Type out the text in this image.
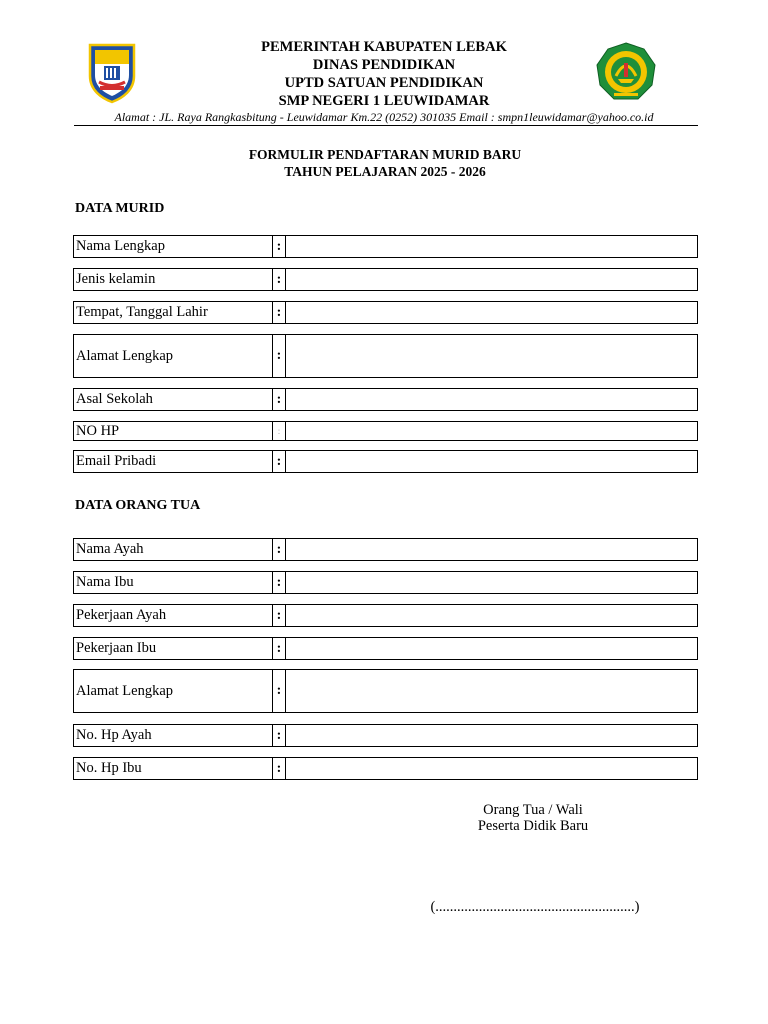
PEMERINTAH KABUPATEN LEBAK
DINAS PENDIDIKAN
UPTD SATUAN PENDIDIKAN
SMP NEGERI 1 LEUWIDAMAR
Alamat : JL. Raya Rangkasbitung - Leuwidamar Km.22 (0252) 301035 Email : smpn1leuwidamar@yahoo.co.id
FORMULIR PENDAFTARAN MURID BARU
TAHUN PELAJARAN 2025 - 2026
DATA MURID
Nama Lengkap	:
Jenis kelamin	:
Tempat, Tanggal Lahir	:
Alamat Lengkap	:
Asal Sekolah	:
NO HP	:
Email Pribadi	:
DATA ORANG TUA
Nama Ayah	:
Nama Ibu	:
Pekerjaan Ayah	:
Pekerjaan Ibu	:
Alamat Lengkap	:
No. Hp Ayah	:
No. Hp Ibu	:
Orang Tua / Wali
Peserta Didik Baru
(.......................................................)
